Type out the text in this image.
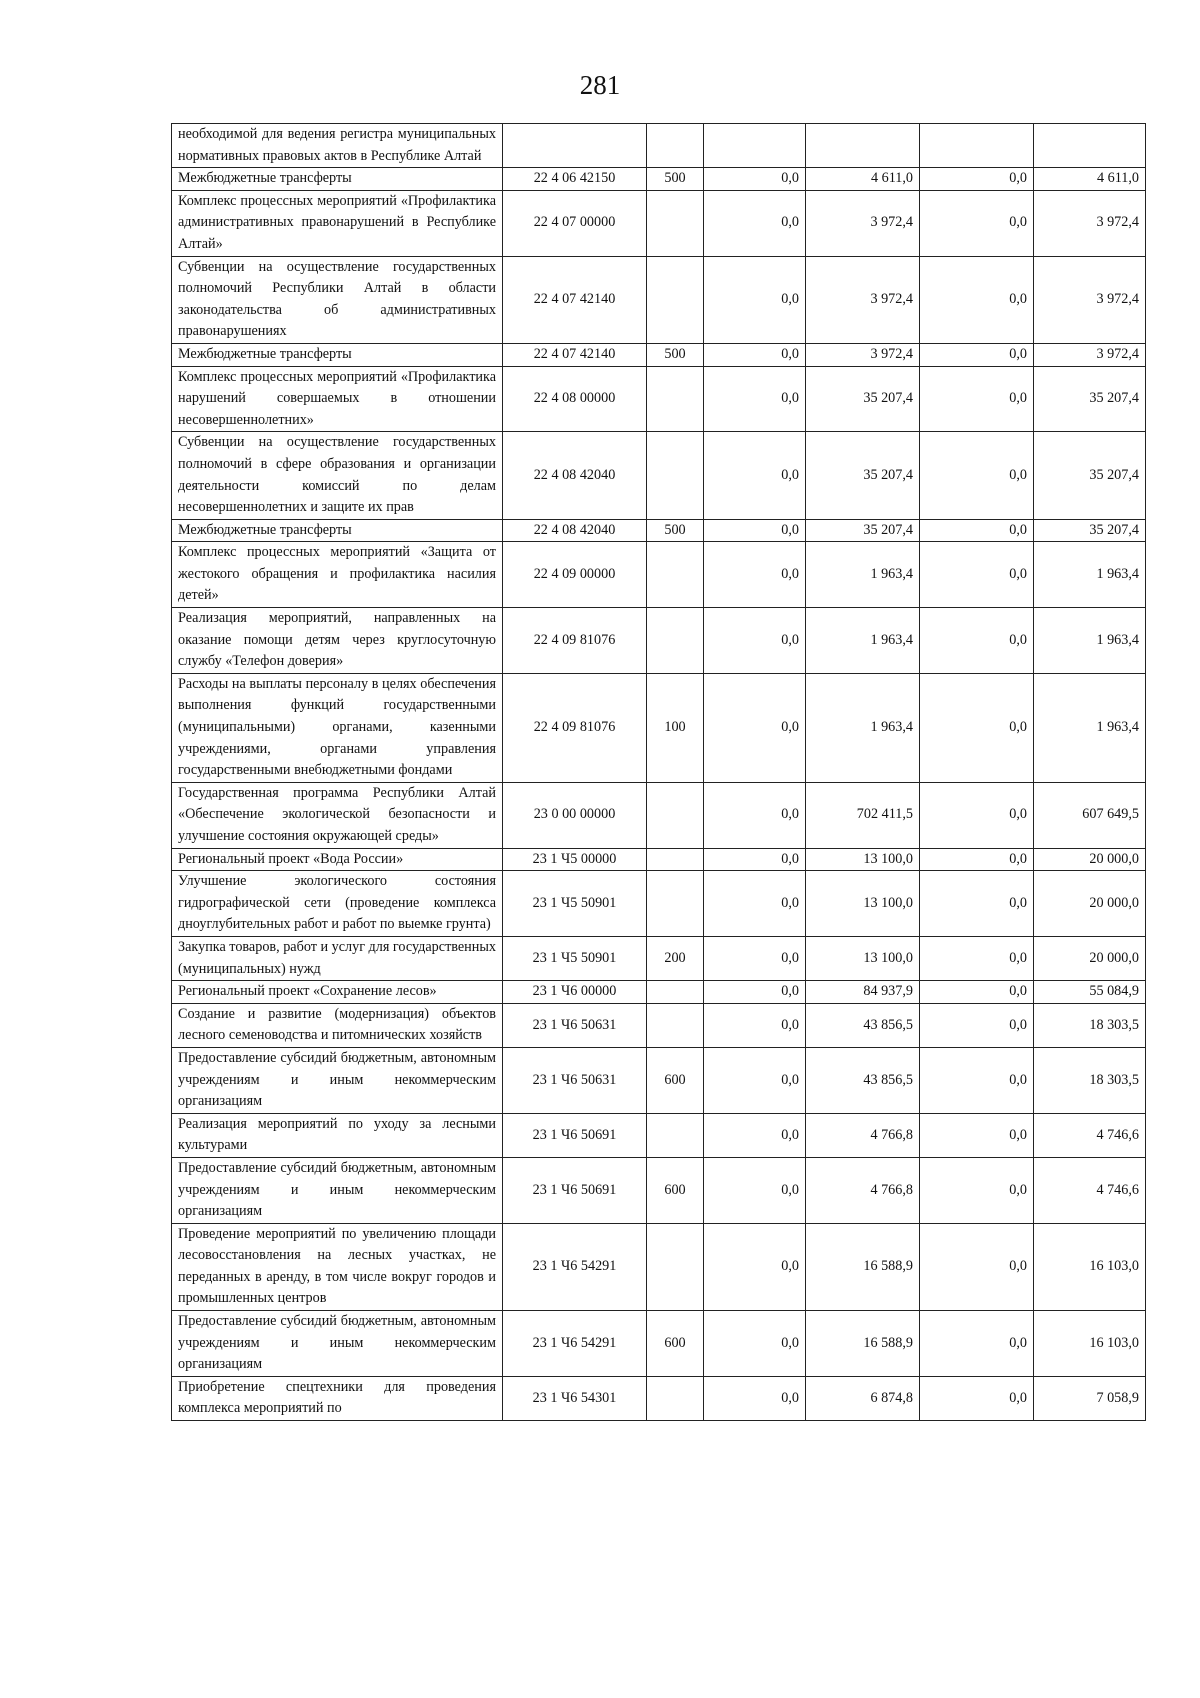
281
необходимой для ведения регистра муниципальных нормативных правовых актов в Республике Алтай						
Межбюджетные трансферты	22 4 06 42150	500	0,0	4 611,0	0,0	4 611,0
Комплекс процессных мероприятий «Профилактика административных правонарушений в Республике Алтай»	22 4 07 00000		0,0	3 972,4	0,0	3 972,4
Субвенции на осуществление государственных полномочий Республики Алтай в области законодательства об административных правонарушениях	22 4 07 42140		0,0	3 972,4	0,0	3 972,4
Межбюджетные трансферты	22 4 07 42140	500	0,0	3 972,4	0,0	3 972,4
Комплекс процессных мероприятий «Профилактика нарушений совершаемых в отношении несовершеннолетних»	22 4 08 00000		0,0	35 207,4	0,0	35 207,4
Субвенции на осуществление государственных полномочий в сфере образования и организации деятельности комиссий по делам несовершеннолетних и защите их прав	22 4 08 42040		0,0	35 207,4	0,0	35 207,4
Межбюджетные трансферты	22 4 08 42040	500	0,0	35 207,4	0,0	35 207,4
Комплекс процессных мероприятий «Защита от жестокого обращения и профилактика насилия детей»	22 4 09 00000		0,0	1 963,4	0,0	1 963,4
Реализация мероприятий, направленных на оказание помощи детям через круглосуточную службу «Телефон доверия»	22 4 09 81076		0,0	1 963,4	0,0	1 963,4
Расходы на выплаты персоналу в целях обеспечения выполнения функций государственными (муниципальными) органами, казенными учреждениями, органами управления государственными внебюджетными фондами	22 4 09 81076	100	0,0	1 963,4	0,0	1 963,4
Государственная программа Республики Алтай «Обеспечение экологической безопасности и улучшение состояния окружающей среды»	23 0 00 00000		0,0	702 411,5	0,0	607 649,5
Региональный проект «Вода России»	23 1 Ч5 00000		0,0	13 100,0	0,0	20 000,0
Улучшение экологического состояния гидрографической сети (проведение комплекса дноуглубительных работ и работ по выемке грунта)	23 1 Ч5 50901		0,0	13 100,0	0,0	20 000,0
Закупка товаров, работ и услуг для государственных (муниципальных) нужд	23 1 Ч5 50901	200	0,0	13 100,0	0,0	20 000,0
Региональный проект «Сохранение лесов»	23 1 Ч6 00000		0,0	84 937,9	0,0	55 084,9
Создание и развитие (модернизация) объектов лесного семеноводства и питомнических хозяйств	23 1 Ч6 50631		0,0	43 856,5	0,0	18 303,5
Предоставление субсидий бюджетным, автономным учреждениям и иным некоммерческим организациям	23 1 Ч6 50631	600	0,0	43 856,5	0,0	18 303,5
Реализация мероприятий по уходу за лесными культурами	23 1 Ч6 50691		0,0	4 766,8	0,0	4 746,6
Предоставление субсидий бюджетным, автономным учреждениям и иным некоммерческим организациям	23 1 Ч6 50691	600	0,0	4 766,8	0,0	4 746,6
Проведение мероприятий по увеличению площади лесовосстановления на лесных участках, не переданных в аренду, в том числе вокруг городов и промышленных центров	23 1 Ч6 54291		0,0	16 588,9	0,0	16 103,0
Предоставление субсидий бюджетным, автономным учреждениям и иным некоммерческим организациям	23 1 Ч6 54291	600	0,0	16 588,9	0,0	16 103,0
Приобретение спецтехники для проведения комплекса мероприятий по	23 1 Ч6 54301		0,0	6 874,8	0,0	7 058,9
